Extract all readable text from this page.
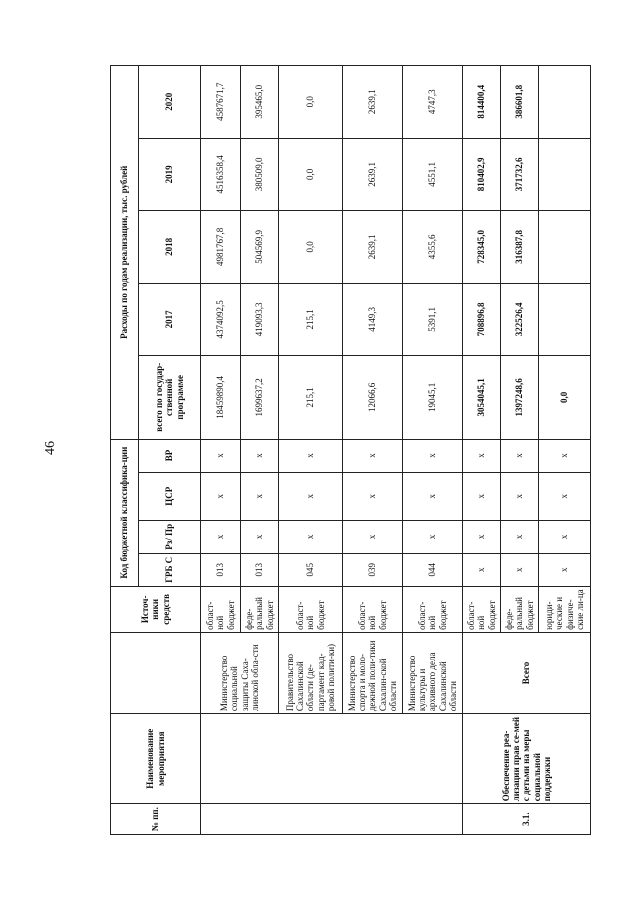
46
№ пп.	Наименование мероприятия		Источ-ники средств	Код бюджетной классифика-ции				Расходы по годам реализации, тыс. рублей				
				ГРБ С	Рз/ Пр	ЦСР	ВР	всего по государ-ственной программе	2017	2018	2019	2020
		Министерство социальной защиты Саха-линской обла-сти	област-ной бюджет	013	x	x	x	18459890,4	4374092,5	4981767,8	4516358,4	4587671,7
			феде-ральный бюджет	013	x	x	x	1699637,2	419093,3	504569,9	380509,0	395465,0
		Правительство Сахалинской области (де-партамент кад-ровой полити-ки)	област-ной бюджет	045	x	x	x	215,1	215,1	0,0	0,0	0,0
		Министерство спорта и моло-дежной поли-тики Сахалин-ской области	област-ной бюджет	039	x	x	x	12066,6	4149,3	2639,1	2639,1	2639,1
		Министерство культуры и архивного дела Сахалинской области	област-ной бюджет	044	x	x	x	19045,1	5391,1	4355,6	4551,1	4747,3
3.1.	Обеспечение реа-лизации прав се-мей с детьми на меры социальной поддержки	Всего	област-ной бюджет	x	x	x	x	3054045,1	708896,8	728345,0	810402,9	814400,4
			феде-ральный бюджет	x	x	x	x	1397248,6	322526,4	316387,8	371732,6	386601,8
			юриди-ческие и физиче-ские ли-ца	x	x	x	x	0,0				
